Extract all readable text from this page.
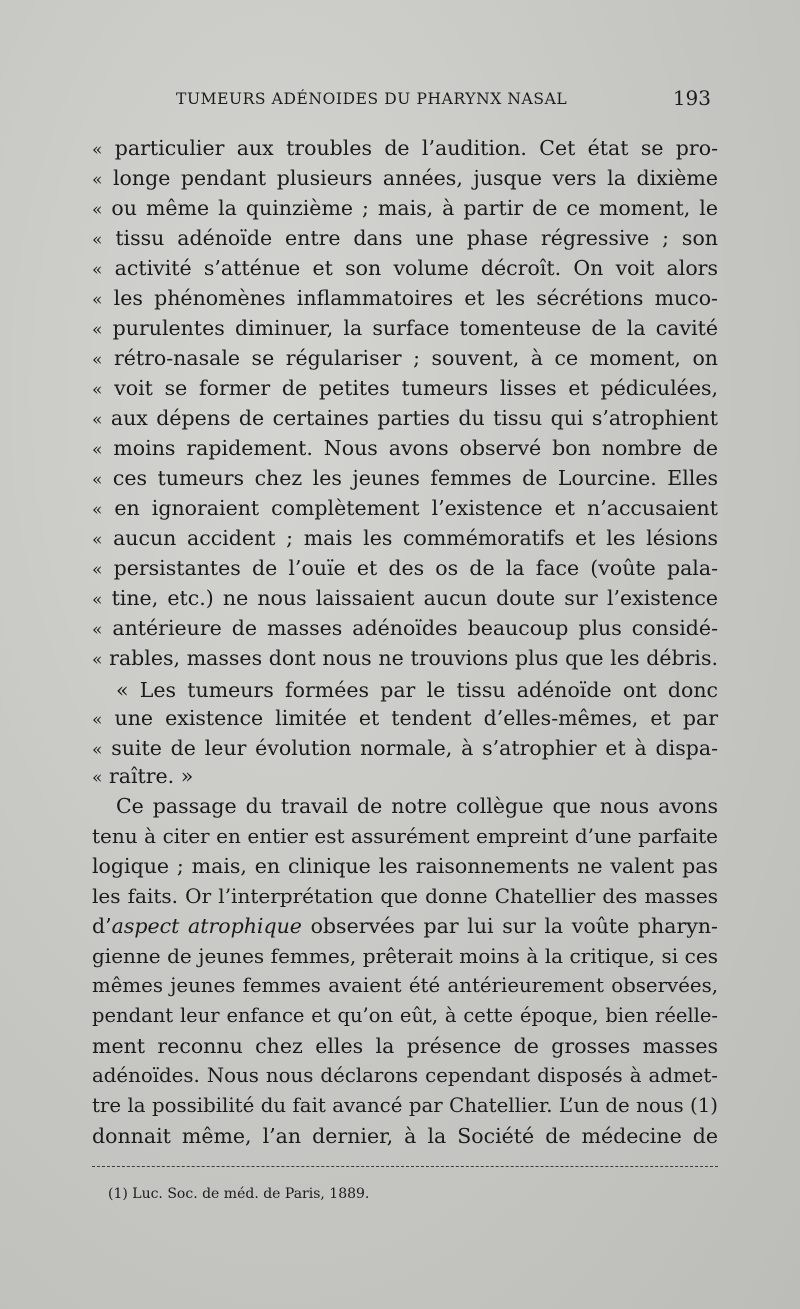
TUMEURS ADÉNOIDES DU PHARYNX NASAL	193
« particulier aux troubles de l’audition. Cet état se pro-
« longe pendant plusieurs années, jusque vers la dixième
« ou même la quinzième ; mais, à partir de ce moment, le
« tissu adénoïde entre dans une phase régressive ; son
« activité s’atténue et son volume décroît. On voit alors
« les phénomènes inflammatoires et les sécrétions muco-
« purulentes diminuer, la surface tomenteuse de la cavité
« rétro-nasale se régulariser ; souvent, à ce moment, on
« voit se former de petites tumeurs lisses et pédiculées,
« aux dépens de certaines parties du tissu qui s’atrophient
« moins rapidement. Nous avons observé bon nombre de
« ces tumeurs chez les jeunes femmes de Lourcine. Elles
« en ignoraient complètement l’existence et n’accusaient
« aucun accident ; mais les commémoratifs et les lésions
« persistantes de l’ouïe et des os de la face (voûte pala-
« tine, etc.) ne nous laissaient aucun doute sur l’existence
« antérieure de masses adénoïdes beaucoup plus considé-
« rables, masses dont nous ne trouvions plus que les débris.
« Les tumeurs formées par le tissu adénoïde ont donc
« une existence limitée et tendent d’elles-mêmes, et par
« suite de leur évolution normale, à s’atrophier et à dispa-
« raître. »
Ce passage du travail de notre collègue que nous avons
tenu à citer en entier est assurément empreint d’une parfaite
logique ; mais, en clinique les raisonnements ne valent pas
les faits. Or l’interprétation que donne Chatellier des masses
d’aspect atrophique observées par lui sur la voûte pharyn-
gienne de jeunes femmes, prêterait moins à la critique, si ces
mêmes jeunes femmes avaient été antérieurement observées,
pendant leur enfance et qu’on eût, à cette époque, bien réelle-
ment reconnu chez elles la présence de grosses masses
adénoïdes. Nous nous déclarons cependant disposés à admet-
tre la possibilité du fait avancé par Chatellier. L’un de nous (1)
donnait même, l’an dernier, à la Société de médecine de
(1) Luc. Soc. de méd. de Paris, 1889.
